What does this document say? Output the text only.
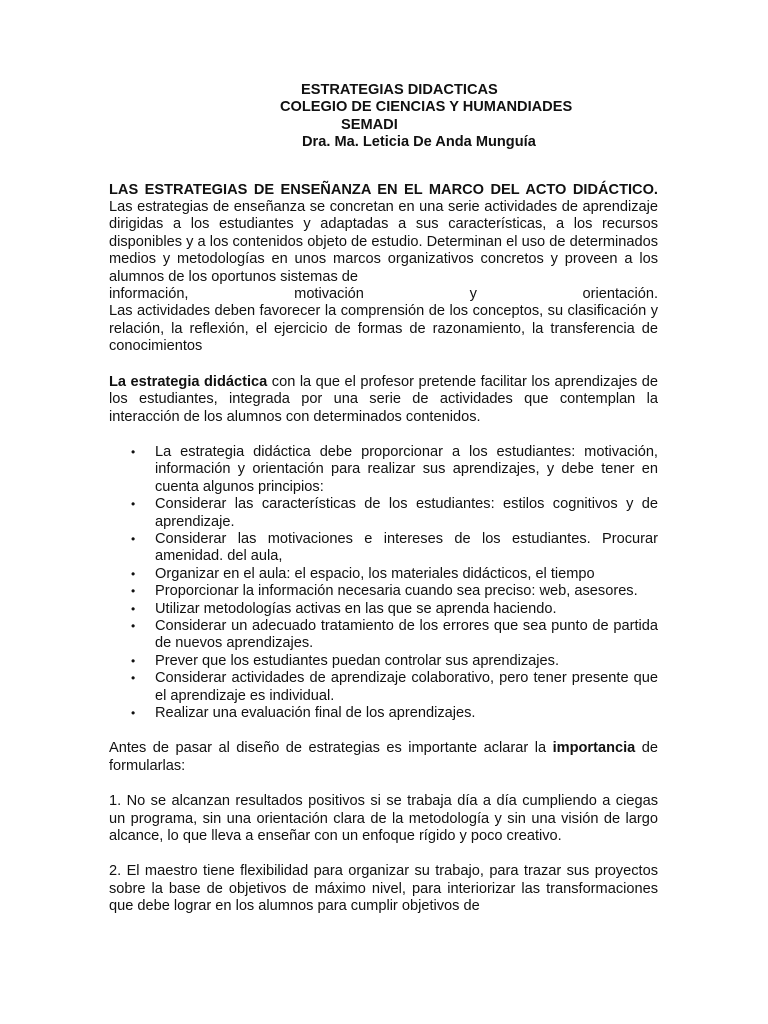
ESTRATEGIAS DIDACTICAS
COLEGIO DE CIENCIAS Y HUMANDIADES
SEMADI
Dra. Ma. Leticia De Anda Munguía

LAS ESTRATEGIAS DE ENSEÑANZA EN EL MARCO DEL ACTO DIDÁCTICO. Las estrategias de enseñanza se concretan en una serie actividades de aprendizaje dirigidas a los estudiantes y adaptadas a sus características, a los recursos disponibles y a los contenidos objeto de estudio. Determinan el uso de determinados medios y metodologías en unos marcos organizativos concretos y proveen a los alumnos de los oportunos sistemas de
información, motivación y orientación.
Las actividades deben favorecer la comprensión de los conceptos, su clasificación y relación, la reflexión, el ejercicio de formas de razonamiento, la transferencia de conocimientos

La estrategia didáctica con la que el profesor pretende facilitar los aprendizajes de los estudiantes, integrada por una serie de actividades que contemplan la interacción de los alumnos con determinados contenidos.

• La estrategia didáctica debe proporcionar a los estudiantes: motivación, información y orientación para realizar sus aprendizajes, y debe tener en cuenta algunos principios:
• Considerar las características de los estudiantes: estilos cognitivos y de aprendizaje.
• Considerar las motivaciones e intereses de los estudiantes. Procurar amenidad. del aula,
• Organizar en el aula: el espacio, los materiales didácticos, el tiempo
• Proporcionar la información necesaria cuando sea preciso: web, asesores.
• Utilizar metodologías activas en las que se aprenda haciendo.
• Considerar un adecuado tratamiento de los errores que sea punto de partida de nuevos aprendizajes.
• Prever que los estudiantes puedan controlar sus aprendizajes.
• Considerar actividades de aprendizaje colaborativo, pero tener presente que el aprendizaje es individual.
• Realizar una evaluación final de los aprendizajes.

Antes de pasar al diseño de estrategias es importante aclarar la importancia de formularlas:

1. No se alcanzan resultados positivos si se trabaja día a día cumpliendo a ciegas un programa, sin una orientación clara de la metodología y sin una visión de largo alcance, lo que lleva a enseñar con un enfoque rígido y poco creativo.

2. El maestro tiene flexibilidad para organizar su trabajo, para trazar sus proyectos sobre la base de objetivos de máximo nivel, para interiorizar las transformaciones que debe lograr en los alumnos para cumplir objetivos de
